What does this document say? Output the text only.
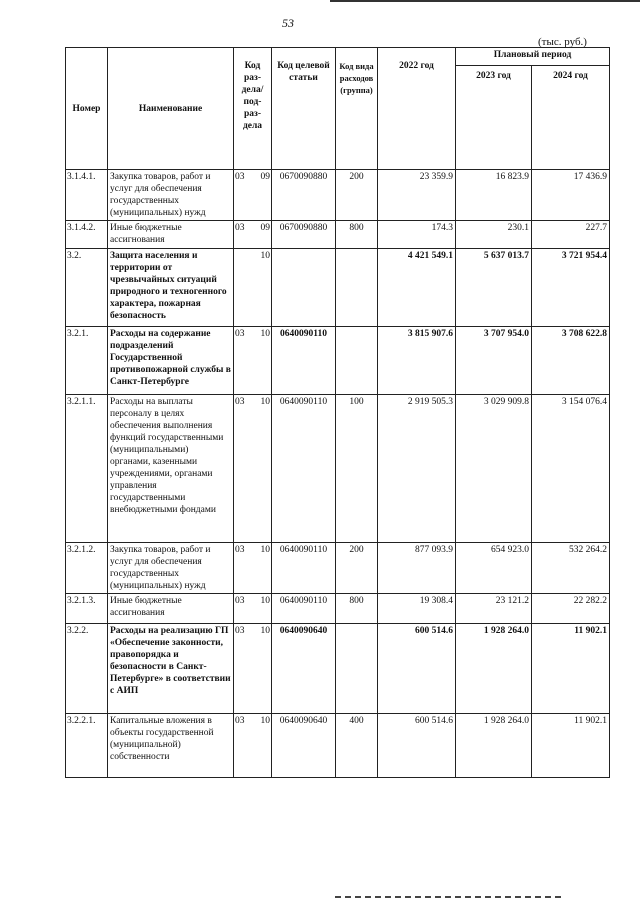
53
(тыс. руб.)
Номер	Наименование	Код раз-дела/ под-раз-дела	Код целевой статьи	Код вида расходов (группа)	2022 год	Плановый период	
						2023 год	2024 год
3.1.4.1.	Закупка товаров, работ и услуг для обеспечения государственных (муниципальных) нужд	03 09	0670090880	200	23 359.9	16 823.9	17 436.9
3.1.4.2.	Иные бюджетные ассигнования	03 09	0670090880	800	174.3	230.1	227.7
3.2.	Защита населения и территории от чрезвычайных ситуаций природного и техногенного характера, пожарная безопасность	10			4 421 549.1	5 637 013.7	3 721 954.4
3.2.1.	Расходы на содержание подразделений Государственной противопожарной службы в Санкт-Петербурге	03 10	0640090110		3 815 907.6	3 707 954.0	3 708 622.8
3.2.1.1.	Расходы на выплаты персоналу в целях обеспечения выполнения функций государственными (муниципальными) органами, казенными учреждениями, органами управления государственными внебюджетными фондами	03 10	0640090110	100	2 919 505.3	3 029 909.8	3 154 076.4
3.2.1.2.	Закупка товаров, работ и услуг для обеспечения государственных (муниципальных) нужд	03 10	0640090110	200	877 093.9	654 923.0	532 264.2
3.2.1.3.	Иные бюджетные ассигнования	03 10	0640090110	800	19 308.4	23 121.2	22 282.2
3.2.2.	Расходы на реализацию ГП «Обеспечение законности, правопорядка и безопасности в Санкт-Петербурге» в соответствии с АИП	03 10	0640090640		600 514.6	1 928 264.0	11 902.1
3.2.2.1.	Капитальные вложения в объекты государственной (муниципальной) собственности	03 10	0640090640	400	600 514.6	1 928 264.0	11 902.1
